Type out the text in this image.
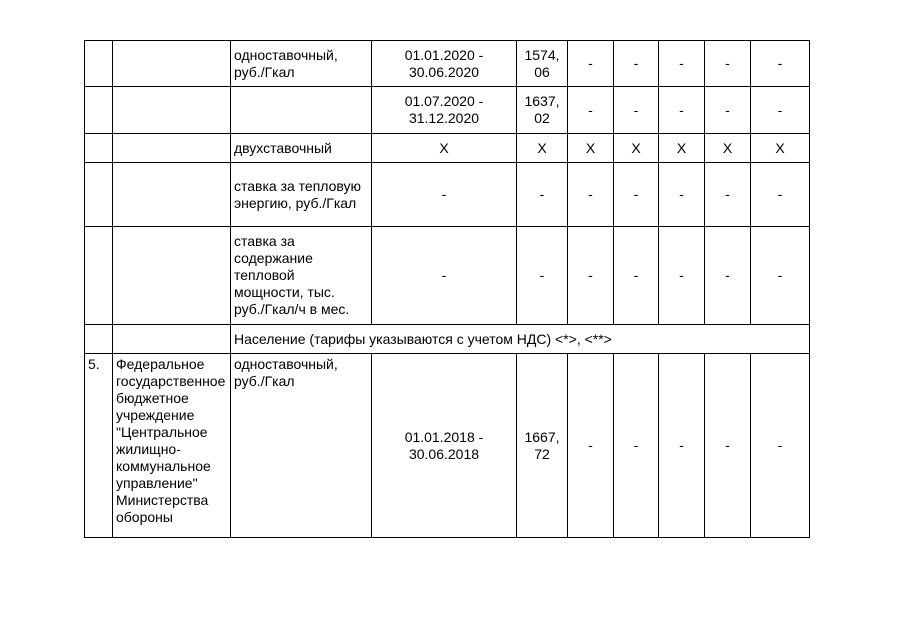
		одноставочный, руб./Гкал	01.01.2020 - 30.06.2020	1574, 06	-	-	-	-	-
			01.07.2020 - 31.12.2020	1637, 02	-	-	-	-	-
		двухставочный	X	X	X	X	X	X	X
		ставка за тепловую энергию, руб./Гкал	-	-	-	-	-	-	-
		ставка за содержание тепловой мощности, тыс. руб./Гкал/ч в мес.	-	-	-	-	-	-	-
		Население (тарифы указываются с учетом НДС) <*>, <**>							
5.	Федеральное государственное бюджетное учреждение "Центральное жилищно-коммунальное управление" Министерства обороны	одноставочный, руб./Гкал	01.01.2018 - 30.06.2018	1667, 72	-	-	-	-	-
